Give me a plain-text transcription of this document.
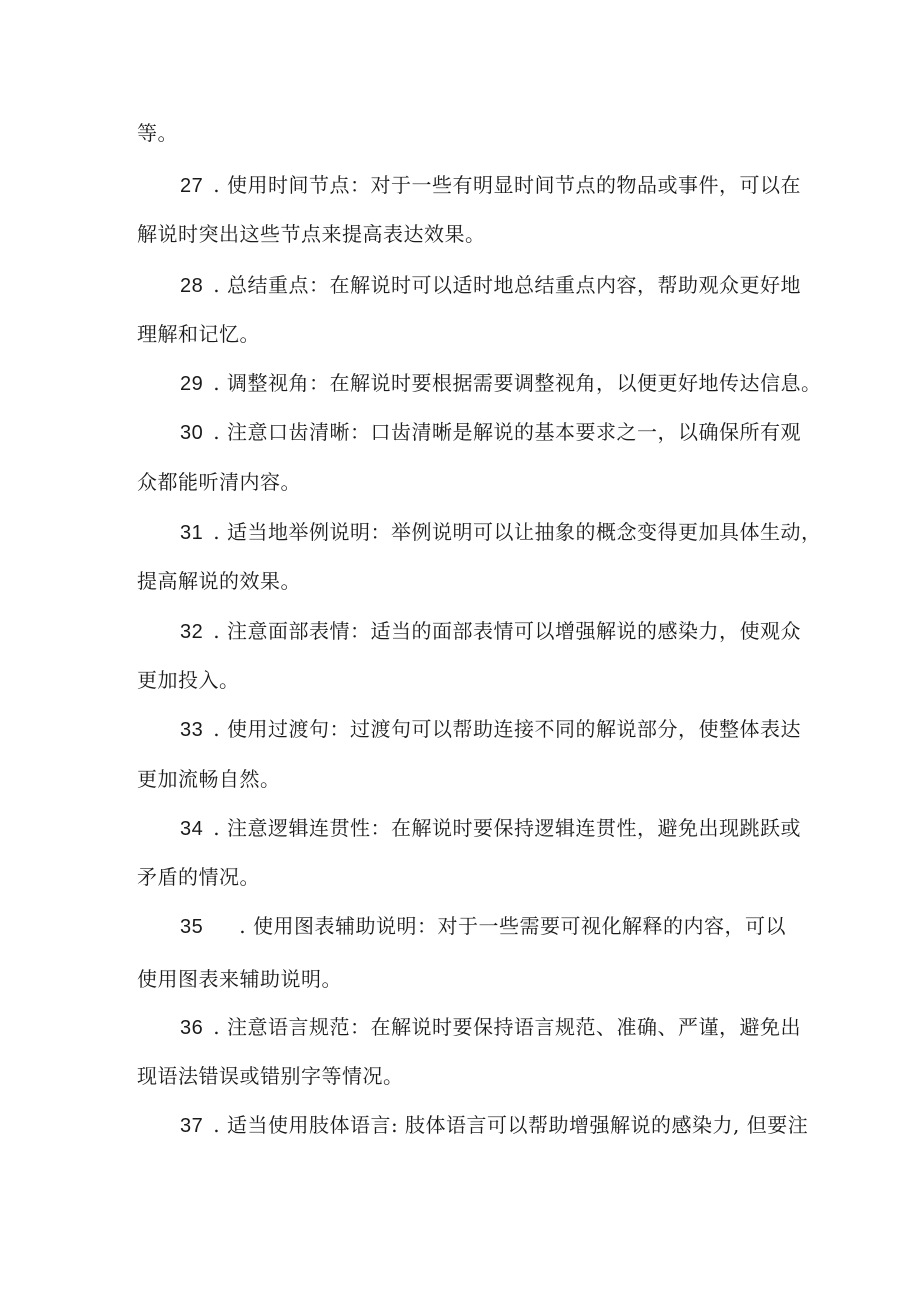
等。
27 . 使用时间节点：对于一些有明显时间节点的物品或事件，可以在
解说时突出这些节点来提高表达效果。
28 . 总结重点：在解说时可以适时地总结重点内容，帮助观众更好地
理解和记忆。
29 . 调整视角：在解说时要根据需要调整视角，以便更好地传达信息。
30 . 注意口齿清晰：口齿清晰是解说的基本要求之一，以确保所有观
众都能听清内容。
31 . 适当地举例说明：举例说明可以让抽象的概念变得更加具体生动，
提高解说的效果。
32 . 注意面部表情：适当的面部表情可以增强解说的感染力，使观众
更加投入。
33 . 使用过渡句：过渡句可以帮助连接不同的解说部分，使整体表达
更加流畅自然。
34 . 注意逻辑连贯性：在解说时要保持逻辑连贯性，避免出现跳跃或
矛盾的情况。
35 . 使用图表辅助说明：对于一些需要可视化解释的内容，可以
使用图表来辅助说明。
36 . 注意语言规范：在解说时要保持语言规范、准确、严谨，避免出
现语法错误或错别字等情况。
37 . 适当使用肢体语言: 肢体语言可以帮助增强解说的感染力, 但要注
